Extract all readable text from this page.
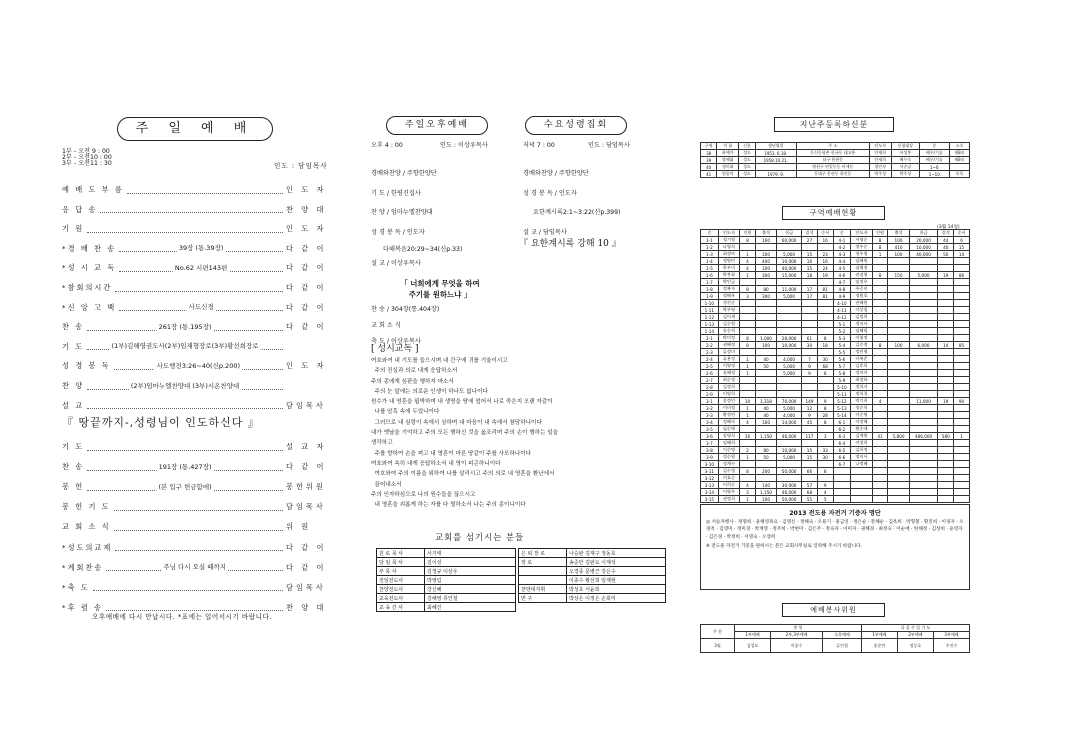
주 일 예 배
1부 - 오전 9 : 00
2부 - 오전10 : 00
3부 - 오전11 : 30	인도 : 담임목사
예 배 도 부 름	인 도 자
응 답 송	찬 양 대
기 원	인 도 자
*경 배 찬 송	39장 (통.39장)	다 같 이
*성 시 교 독	No.62 시편143편	다 같 이
*참회의시간	다 같 이
*신 앙 고 백	사도신경	다 같 이
찬 송	261장 (통.195장)	다 같 이
기 도	(1부)김해영권도사(2부)임재형장로(3부)황선희장로
성 경 봉 독	사도행전3:26~40(신p.200)	인 도 자
찬 양	(2부)임마누엘찬양대 (3부)시온찬양대
설 교	담임목사
『 땅끝까지-,성령님이 인도하신다 』
기 도	설 교 자
찬 송	191장 (통.427장)	다 같 이
봉 헌	(본 입구 헌금함에)	봉헌위원
봉 헌 기 도	담임목사
교 회 소 식	위 원
*성도의교제	다 같 이
*계회찬송	주님 다시 오실 때까지	다 같 이
*축 도	담임목사
*후 렴 송	찬 양 대
오후예배에 다시 만납시다. *표에는 일어서시기 바랍니다.
주일오후예배	수요성령집회
오후 4 : 00	인도 : 이상우목사	저녁 7 : 00	인도 : 담임목사
경배와찬양 / 주향한양단
기 도 / 한평진집사
찬 양 / 임마누엘찬양대
성 경 봉 독 / 인도자
다해복음20:29~34(신p.33)
설 교 / 이상우목사
「 너희에게 무엇을 하여
주기를 원하느냐 」
찬 송 / 304장(통.404장)
교 회 소 식
축 도 / 이상우목사
경배와찬양 / 주향한양단
성 경 봉 독 / 인도자
요한계시록2:1~3:22(신p.399)
설 교 / 담임목사
『 요한계시록 강해 10 』
[ 성시교독 ]
여호와여 내 기도를 들으시며 내 간구에 귀를 기울이시고
주의 진실과 의로 내게 응답하소서
주의 종에게 심판을 행하지 마소서
주의 눈 앞에는 의로운 인생이 하나도 없나이다
원수가 내 영혼을 핍박하며 내 생명을 땅에 엎어서 나로 죽은지 오랜 자같이
나를 암흑 속에 두었나이다
그러므로 내 심령이 속에서 상하며 내 마음이 내 속에서 참담하니이다
내가 옛날을 기억하고 주의 모든 행하신 것을 읊조리며 주의 손이 행하는 일을
생각하고
주를 향하여 손을 펴고 내 영혼이 마른 땅같이 주를 사모하나이다
여호와여 속히 내게 응답하소서 내 영이 피곤하니이다
여호와여 주의 이름을 위하여 나를 살리시고 주의 의로 내 영혼을 환난에서
끌어내소서
주의 인자하심으로 나의 원수들을 끊으시고
내 영혼을 괴롭게 하는 자를 다 멸하소서 나는 주의 종이니이다
교회를 섬기시는 분들
원 로 목 사	서기태
담 임 목 사	김이성
부 목 사	김정규 이상우
전임전도사	박영림
찬양전도사	강신혜
교육전도사	김해영 류인철
교 육 간 사	최혜진
은 퇴 장 로	나승완 김재구 정동호
장 로	송준만 김판도 이재석
	오경종 문병근 강은수
	이종수 황선희 임재현
찬양대지휘	박성호 서윤희
반 주	박상은 이정은 손희미
지난주등록하신분
구역	이 름	신분	생년월일	주 소	인도자	신청대상	순	소속
38	하예가	성도	1951. 6.18.	동신동평촌 한국동 대고흥	안재희	서성봉	배우/기술	제8속
39	장해휘	성도	1958.10.21.	남구 용현동	안재희	배무숙	배우/기술	제8속
40	정미화	성도		영천구 연일동동 이세동	정인자	서순남	1~6	
41	원종덕	성도	1979. 9.	동대구 운산동 위진동	박주성	박주성	1~10	목목
구역예배현황
(3월 14일)
순	인도자	인원	출석	헌금	결석	순서	순	인도자	인원	출석	헌금	결석	순서
1-1	정기영	8	160	60,000	27	16	4-1	서영순	8	100	20,000	44	6
1-2	나영희						4-2	정우순	8	410	10,000	40	15
1-3	최정아	1	100	5,000	15	23	4-3	정우영	1	100	40,000	50	14
1-4	정영민	4	400	10,000	16	16	4-4	임혜원					
1-5	한우미	4	100	40,000	15	24	4-5	임해정					
1-6	박봉화	1	300	15,000	18	19	4-6	권점영	8	150	5,000	19	86
1-7	박민금						4-7	임정우					
1-8	정복자	8	80	11,000	17	81	4-8	주중미					
1-9	정해옥	3	300	5,000	17	81	4-9	정원호					
1-10	정진순						4-10	권혜원					
1-11	박주영						4-11	이상철					
1-12	김이재						4-12	김정희					
1-13	김순원						5-1	정미사					
1-14	송순희						5-2	임혜림					
2-1	박미정	8	1,000	28,000	61	8	5-3	이영정					
2-2	권혜정	8	100	10,000	30	18	5-4	김순정	8	100	6,000	14	85
2-3	류정미						5-5	정민영					
2-4	류용정	1	40	4,000	7	30	5-6	이복준					
2-5	이영정	1	50	5,000	9	68	5-7	김후희					
2-6	송혜정	1		5,000	9	8	5-8	정미아					
2-7	최순정						5-9	최정하					
2-8	김정희						5-10	정희자					
2-9	이영희						5-11	정희경					
3-1	송정민	10	1,318	70,000	149	9	5-12	박기희	4		11,000	19	90
3-2	이미정	1	40	5,000	12	8	5-13	정순희					
3-3	황정연	1	40	4,000	9	28	5-14	이순명					
3-4	정혜자	4	160	14,000	45	8	6-1	이정혜					
3-5	임순애						6-2	황순애					
3-6	송명희	16	1,150	46,000	117	3	6-3	김계원	41	5,800	486,000	580	1
3-7	임혜희						6-4	이정희					
3-8	이순명	2	80	10,000	15	33	6-5	김희정					
3-9	정순원	1	50	5,000	15	30	6-6	정미사					
3-10	정계수						6-7	나정혜					
3-11	김수정	8	200	50,000	66	8							
3-12	이효순												
3-13	이희순	4	140	30,000	57	9							
3-14	이영우	3	1,150	46,000	68	4							
3-15	권정희	1	100	50,000	55	5							
2013 전도용 자전거 기증자 명단
◎ 서승자행사 · 정명희 · 윤해영목요 · 김명신 · 정해숙 · 오용기 · 홍금연 · 정은순 · 문해순 · 김옥희 · 박형철 · 황진희 · 이경자 · 오경옥 · 김영미 · 정미경 · 박계영 · 정주희 · 박현미 · 김은주 · 정숙자 · 이미자 · 권혜경 · 최정숙 · 이순애 · 한해정 · 김성희 · 윤영자 · 김은경 · 박정희 · 서명숙 · 오영희
※ 전도용 자전거 기증을 원하시는 분은 교회사무실로 연락해 주시기 바랍니다.
예배봉사위원
주 분	봉 헌			다 음 주 입 기 도		
	1부예배	2부,3부예배	오후예배	1부예배	2부예배	3부예배
3월	김성도	이종수	류인철	송준만	정동호	주진수
